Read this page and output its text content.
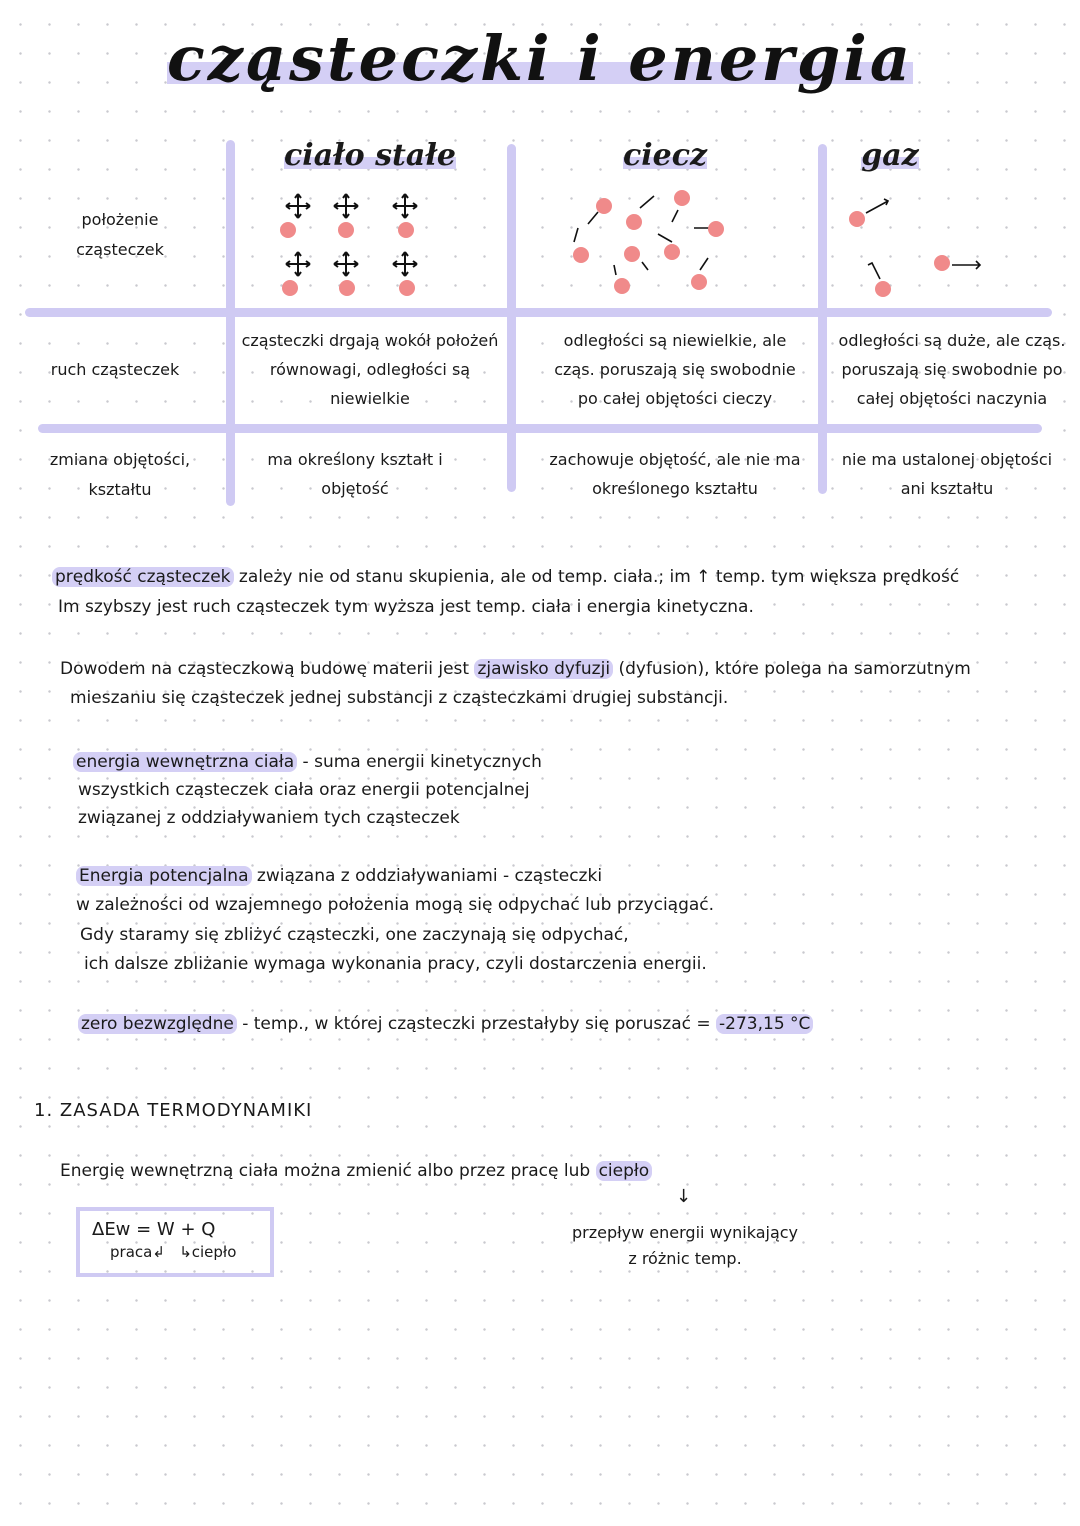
cząsteczki i energia
ciało stałe	ciecz	gaz
położenie cząsteczek
ruch cząsteczek
zmiana objętości, kształtu
cząsteczki drgają wokół położeń równowagi, odległości są niewielkie
odległości są niewielkie, ale cząs. poruszają się swobodnie po całej objętości cieczy
odległości są duże, ale cząs. poruszają się swobodnie po całej objętości naczynia
ma określony kształt i objętość
zachowuje objętość, ale nie ma określonego kształtu
nie ma ustalonej objętości ani kształtu
prędkość cząsteczek zależy nie od stanu skupienia, ale od temp. ciała.; im ↑ temp. tym większa prędkość
Im szybszy jest ruch cząsteczek tym wyższa jest temp. ciała i energia kinetyczna.
Dowodem na cząsteczkową budowę materii jest zjawisko dyfuzji (dyfusion), które polega na samorzutnym
mieszaniu się cząsteczek jednej substancji z cząsteczkami drugiej substancji.
energia wewnętrzna ciała - suma energii kinetycznych
wszystkich cząsteczek ciała oraz energii potencjalnej
związanej z oddziaływaniem tych cząsteczek
Energia potencjalna związana z oddziaływaniami - cząsteczki
w zależności od wzajemnego położenia mogą się odpychać lub przyciągać.
Gdy staramy się zbliżyć cząsteczki, one zaczynają się odpychać,
ich dalsze zbliżanie wymaga wykonania pracy, czyli dostarczenia energii.
zero bezwzględne - temp., w której cząsteczki przestałyby się poruszać = -273,15 °C
1. ZASADA TERMODYNAMIKI
Energię wewnętrzną ciała można zmienić albo przez pracę lub ciepło
↓
ΔEw = W + Q
praca↲ ↳ciepło
przepływ energii wynikający
z różnic temp.
